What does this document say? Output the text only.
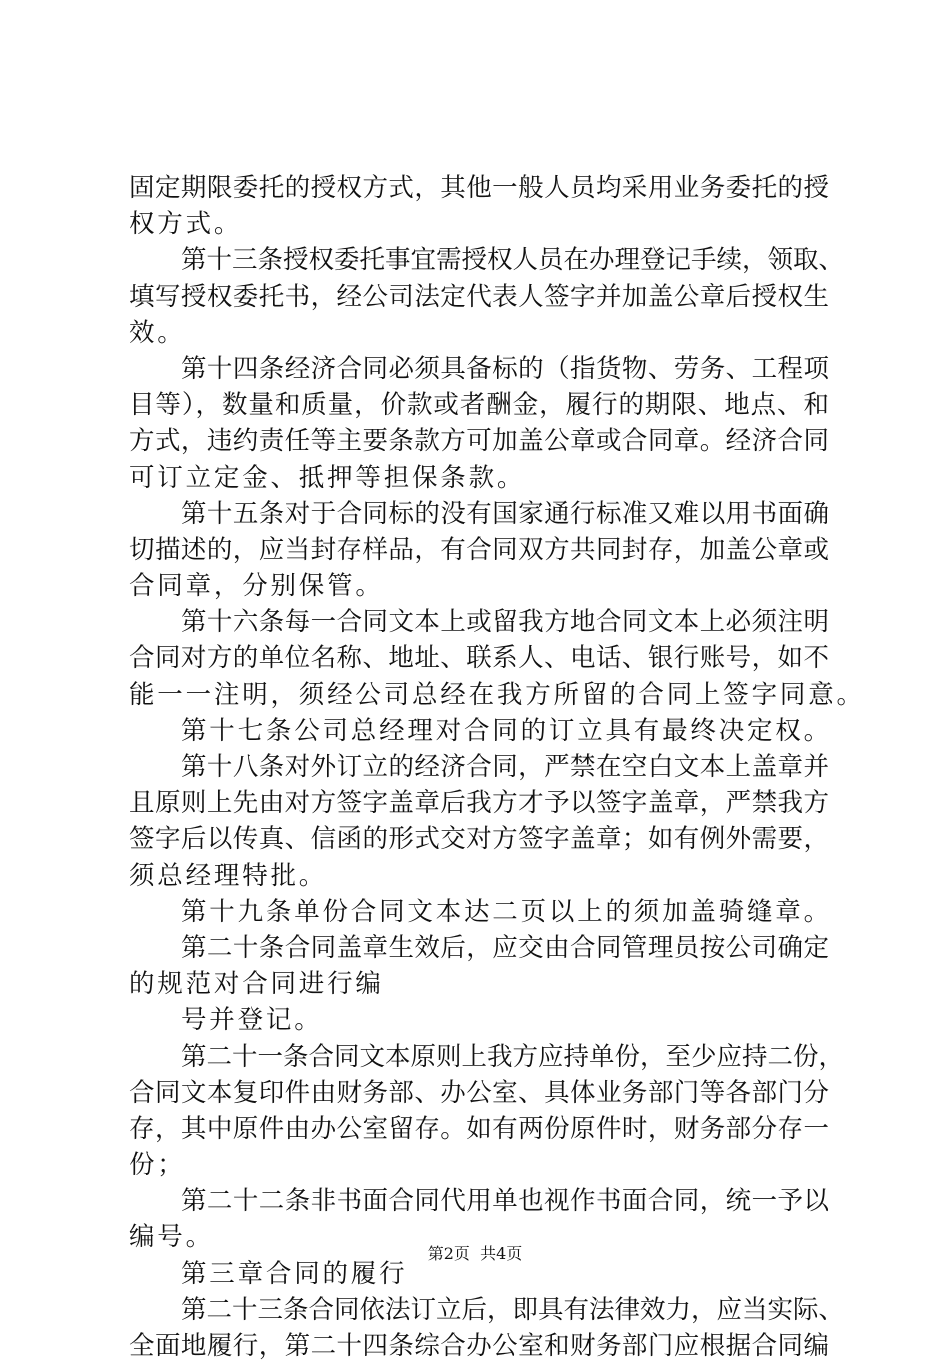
固定期限委托的授权方式，其他一般人员均采用业务委托的授
权方式。
第十三条授权委托事宜需授权人员在办理登记手续，领取、
填写授权委托书，经公司法定代表人签字并加盖公章后授权生
效。
第十四条经济合同必须具备标的（指货物、劳务、工程项
目等），数量和质量，价款或者酬金，履行的期限、地点、和
方式，违约责任等主要条款方可加盖公章或合同章。经济合同
可订立定金、抵押等担保条款。
第十五条对于合同标的没有国家通行标准又难以用书面确
切描述的，应当封存样品，有合同双方共同封存，加盖公章或
合同章，分别保管。
第十六条每一合同文本上或留我方地合同文本上必须注明
合同对方的单位名称、地址、联系人、电话、银行账号，如不
能一一注明，须经公司总经在我方所留的合同上签字同意。
第十七条公司总经理对合同的订立具有最终决定权。
第十八条对外订立的经济合同，严禁在空白文本上盖章并
且原则上先由对方签字盖章后我方才予以签字盖章，严禁我方
签字后以传真、信函的形式交对方签字盖章；如有例外需要，
须总经理特批。
第十九条单份合同文本达二页以上的须加盖骑缝章。
第二十条合同盖章生效后，应交由合同管理员按公司确定
的规范对合同进行编
号并登记。
第二十一条合同文本原则上我方应持单份，至少应持二份，
合同文本复印件由财务部、办公室、具体业务部门等各部门分
存，其中原件由办公室留存。如有两份原件时，财务部分存一
份；
第二十二条非书面合同代用单也视作书面合同，统一予以
编号。
第三章合同的履行
第二十三条合同依法订立后，即具有法律效力，应当实际、
全面地履行，第二十四条综合办公室和财务部门应根据合同编
第2页 共4页
